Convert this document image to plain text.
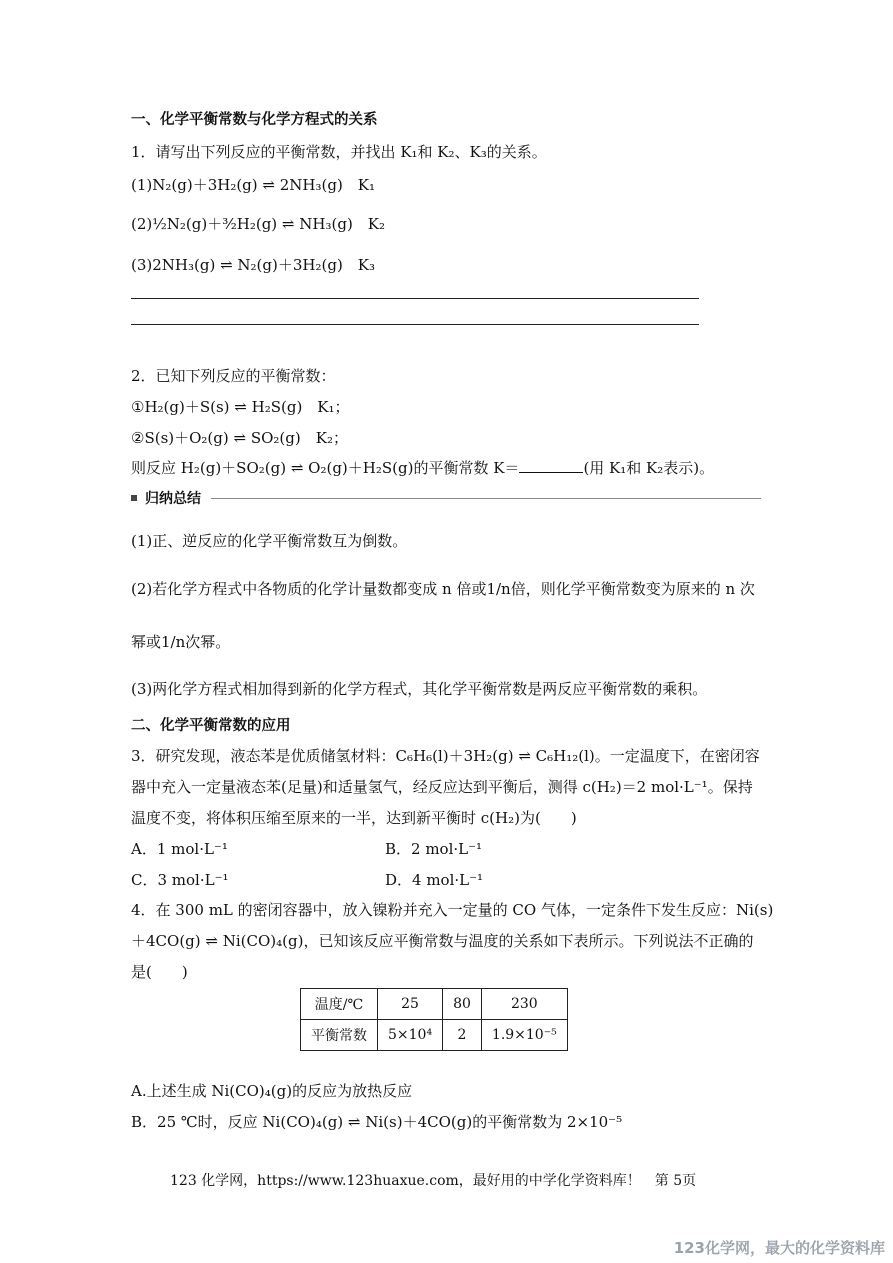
一、化学平衡常数与化学方程式的关系
1．请写出下列反应的平衡常数，并找出 K₁和 K₂、K₃的关系。
(1)N₂(g)＋3H₂(g) ⇌ 2NH₃(g)　K₁
(2)½N₂(g)＋³⁄₂H₂(g) ⇌ NH₃(g)　K₂
(3)2NH₃(g) ⇌ N₂(g)＋3H₂(g)　K₃
2．已知下列反应的平衡常数：
①H₂(g)＋S(s) ⇌ H₂S(g)　K₁；
②S(s)＋O₂(g) ⇌ SO₂(g)　K₂；
则反应 H₂(g)＋SO₂(g) ⇌ O₂(g)＋H₂S(g)的平衡常数 K＝	(用 K₁和 K₂表示)。
归纳总结
(1)正、逆反应的化学平衡常数互为倒数。
(2)若化学方程式中各物质的化学计量数都变成 n 倍或1/n倍，则化学平衡常数变为原来的 n 次
幂或1/n次幂。
(3)两化学方程式相加得到新的化学方程式，其化学平衡常数是两反应平衡常数的乘积。
二、化学平衡常数的应用
3．研究发现，液态苯是优质储氢材料：C₆H₆(l)＋3H₂(g) ⇌ C₆H₁₂(l)。一定温度下，在密闭容
器中充入一定量液态苯(足量)和适量氢气，经反应达到平衡后，测得 c(H₂)＝2 mol·L⁻¹。保持
温度不变，将体积压缩至原来的一半，达到新平衡时 c(H₂)为(　　)
A．1 mol·L⁻¹	B．2 mol·L⁻¹
C．3 mol·L⁻¹	D．4 mol·L⁻¹
4．在 300 mL 的密闭容器中，放入镍粉并充入一定量的 CO 气体，一定条件下发生反应：Ni(s)
＋4CO(g) ⇌ Ni(CO)₄(g)，已知该反应平衡常数与温度的关系如下表所示。下列说法不正确的
是(　　)
温度/℃	25	80	230
平衡常数	5×10⁴	2	1.9×10⁻⁵
A.上述生成 Ni(CO)₄(g)的反应为放热反应
B．25 ℃时，反应 Ni(CO)₄(g) ⇌ Ni(s)＋4CO(g)的平衡常数为 2×10⁻⁵
123 化学网，https://www.123huaxue.com，最好用的中学化学资料库！　第 5页
123化学网，最大的化学资料库
